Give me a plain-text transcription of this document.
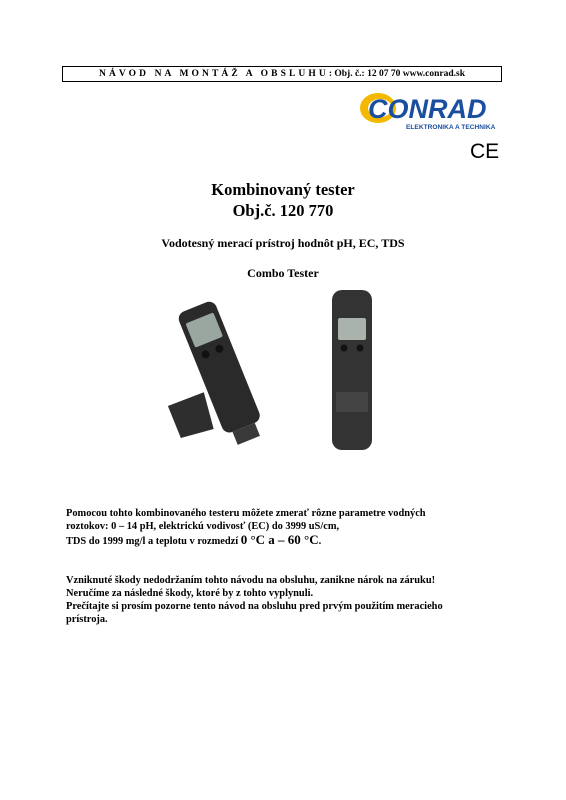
NÁVOD NA MONTÁŽ A OBSLUHU: Obj. č.: 12 07 70 www.conrad.sk
CONRAD
ELEKTRONIKA A TECHNIKA
CE
Kombinovaný tester
Obj.č. 120 770
Vodotesný merací prístroj hodnôt pH, EC, TDS
Combo Tester
Pomocou tohto kombinovaného testeru môžete zmerať rôzne parametre vodných
roztokov: 0 – 14 pH, elektrickú vodivosť (EC) do 3999 uS/cm,
TDS do 1999 mg/l a teplotu v rozmedzí 0 °C a – 60 °C.
Vzniknuté škody nedodržaním tohto návodu na obsluhu, zanikne nárok na záruku!
Neručíme za následné škody, ktoré by z tohto vyplynuli.
Prečítajte si prosím pozorne tento návod na obsluhu pred prvým použitím meracieho
prístroja.
